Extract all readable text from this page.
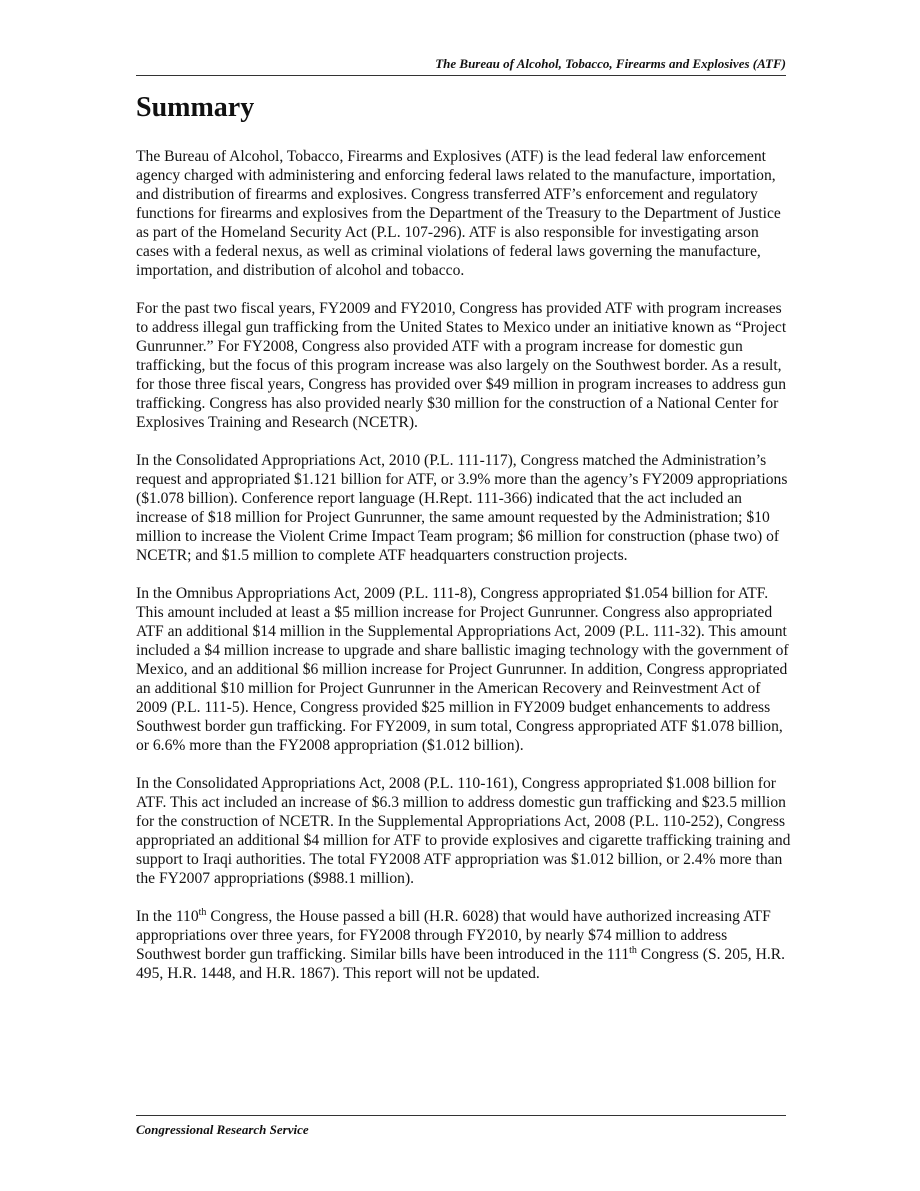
The Bureau of Alcohol, Tobacco, Firearms and Explosives (ATF)
Summary

The Bureau of Alcohol, Tobacco, Firearms and Explosives (ATF) is the lead federal law enforcement agency charged with administering and enforcing federal laws related to the manufacture, importation, and distribution of firearms and explosives. Congress transferred ATF’s enforcement and regulatory functions for firearms and explosives from the Department of the Treasury to the Department of Justice as part of the Homeland Security Act (P.L. 107-296). ATF is also responsible for investigating arson cases with a federal nexus, as well as criminal violations of federal laws governing the manufacture, importation, and distribution of alcohol and tobacco.

For the past two fiscal years, FY2009 and FY2010, Congress has provided ATF with program increases to address illegal gun trafficking from the United States to Mexico under an initiative known as “Project Gunrunner.” For FY2008, Congress also provided ATF with a program increase for domestic gun trafficking, but the focus of this program increase was also largely on the Southwest border. As a result, for those three fiscal years, Congress has provided over $49 million in program increases to address gun trafficking. Congress has also provided nearly $30 million for the construction of a National Center for Explosives Training and Research (NCETR).

In the Consolidated Appropriations Act, 2010 (P.L. 111-117), Congress matched the Administration’s request and appropriated $1.121 billion for ATF, or 3.9% more than the agency’s FY2009 appropriations ($1.078 billion). Conference report language (H.Rept. 111-366) indicated that the act included an increase of $18 million for Project Gunrunner, the same amount requested by the Administration; $10 million to increase the Violent Crime Impact Team program; $6 million for construction (phase two) of NCETR; and $1.5 million to complete ATF headquarters construction projects.

In the Omnibus Appropriations Act, 2009 (P.L. 111-8), Congress appropriated $1.054 billion for ATF. This amount included at least a $5 million increase for Project Gunrunner. Congress also appropriated ATF an additional $14 million in the Supplemental Appropriations Act, 2009 (P.L. 111-32). This amount included a $4 million increase to upgrade and share ballistic imaging technology with the government of Mexico, and an additional $6 million increase for Project Gunrunner. In addition, Congress appropriated an additional $10 million for Project Gunrunner in the American Recovery and Reinvestment Act of 2009 (P.L. 111-5). Hence, Congress provided $25 million in FY2009 budget enhancements to address Southwest border gun trafficking. For FY2009, in sum total, Congress appropriated ATF $1.078 billion, or 6.6% more than the FY2008 appropriation ($1.012 billion).

In the Consolidated Appropriations Act, 2008 (P.L. 110-161), Congress appropriated $1.008 billion for ATF. This act included an increase of $6.3 million to address domestic gun trafficking and $23.5 million for the construction of NCETR. In the Supplemental Appropriations Act, 2008 (P.L. 110-252), Congress appropriated an additional $4 million for ATF to provide explosives and cigarette trafficking training and support to Iraqi authorities. The total FY2008 ATF appropriation was $1.012 billion, or 2.4% more than the FY2007 appropriations ($988.1 million).

In the 110th Congress, the House passed a bill (H.R. 6028) that would have authorized increasing ATF appropriations over three years, for FY2008 through FY2010, by nearly $74 million to address Southwest border gun trafficking. Similar bills have been introduced in the 111th Congress (S. 205, H.R. 495, H.R. 1448, and H.R. 1867). This report will not be updated.

Congressional Research Service
